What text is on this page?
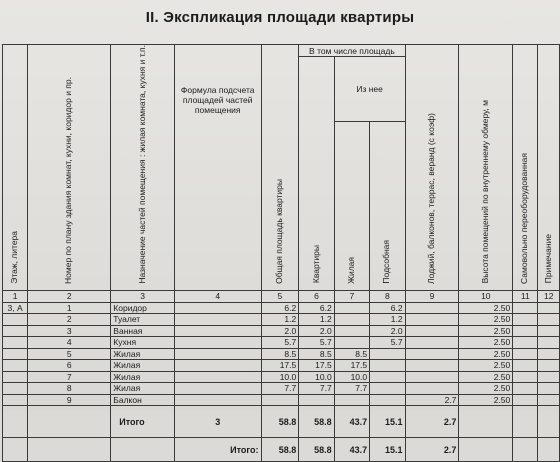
II. Экспликация площади квартиры
Этаж, литера	Номер по плану здания комнат, кухни, коридор и пр.	Назначение частей помещения : жилая комната, кухня и т.п.	Формула подсчета площадей частей помещения	Общая площадь квартиры	В том числе площадь			Лоджий, балконов, террас, веранд (с коэф)	Высота помещений по внутреннему обмеру, м	Самовольно переоборудованная	Примечание
					Квартиры	Из нее					
						Жилая	Подсобная				

1	2	3	4	5	6	7	8	9	10	11	12
3, А	1	Коридор		6.2	6.2		6.2		2.50		
	2	Туалет		1.2	1.2		1.2		2.50		
	3	Ванная		2.0	2.0		2.0		2.50		
	4	Кухня		5.7	5.7		5.7		2.50		
	5	Жилая		8.5	8.5	8.5			2.50		
	6	Жилая		17.5	17.5	17.5			2.50		
	7	Жилая		10.0	10.0	10.0			2.50		
	8	Жилая		7.7	7.7	7.7			2.50		
	9	Балкон						2.7	2.50		
		Итого	3	58.8	58.8	43.7	15.1	2.7			
			Итого:	58.8	58.8	43.7	15.1	2.7			
